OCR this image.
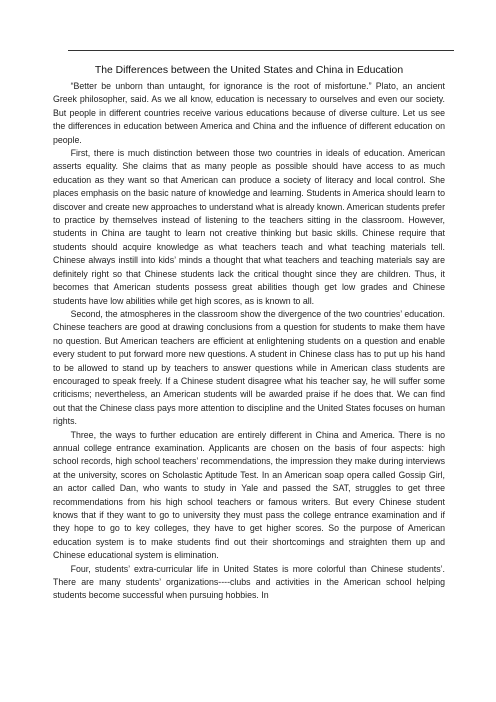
The Differences between the United States and China in Education

“Better be unborn than untaught, for ignorance is the root of misfortune.” Plato, an ancient Greek philosopher, said. As we all know, education is necessary to ourselves and even our society. But people in different countries receive various educations because of diverse culture. Let us see the differences in education between America and China and the influence of different education on people.

First, there is much distinction between those two countries in ideals of education. American asserts equality. She claims that as many people as possible should have access to as much education as they want so that American can produce a society of literacy and local control. She places emphasis on the basic nature of knowledge and learning. Students in America should learn to discover and create new approaches to understand what is already known. American students prefer to practice by themselves instead of listening to the teachers sitting in the classroom. However, students in China are taught to learn not creative thinking but basic skills. Chinese require that students should acquire knowledge as what teachers teach and what teaching materials tell. Chinese always instill into kids’ minds a thought that what teachers and teaching materials say are definitely right so that Chinese students lack the critical thought since they are children. Thus, it becomes that American students possess great abilities though get low grades and Chinese students have low abilities while get high scores, as is known to all.

Second, the atmospheres in the classroom show the divergence of the two countries’ education. Chinese teachers are good at drawing conclusions from a question for students to make them have no question. But American teachers are efficient at enlightening students on a question and enable every student to put forward more new questions. A student in Chinese class has to put up his hand to be allowed to stand up by teachers to answer questions while in American class students are encouraged to speak freely. If a Chinese student disagree what his teacher say, he will suffer some criticisms; nevertheless, an American students will be awarded praise if he does that. We can find out that the Chinese class pays more attention to discipline and the United States focuses on human rights.

Three, the ways to further education are entirely different in China and America. There is no annual college entrance examination. Applicants are chosen on the basis of four aspects: high school records, high school teachers’ recommendations, the impression they make during interviews at the university, scores on Scholastic Aptitude Test. In an American soap opera called Gossip Girl, an actor called Dan, who wants to study in Yale and passed the SAT, struggles to get three recommendations from his high school teachers or famous writers. But every Chinese student knows that if they want to go to university they must pass the college entrance examination and if they hope to go to key colleges, they have to get higher scores. So the purpose of American education system is to make students find out their shortcomings and straighten them up and Chinese educational system is elimination.

Four, students’ extra-curricular life in United States is more colorful than Chinese students’. There are many students’ organizations----clubs and activities in the American school helping students become successful when pursuing hobbies. In
